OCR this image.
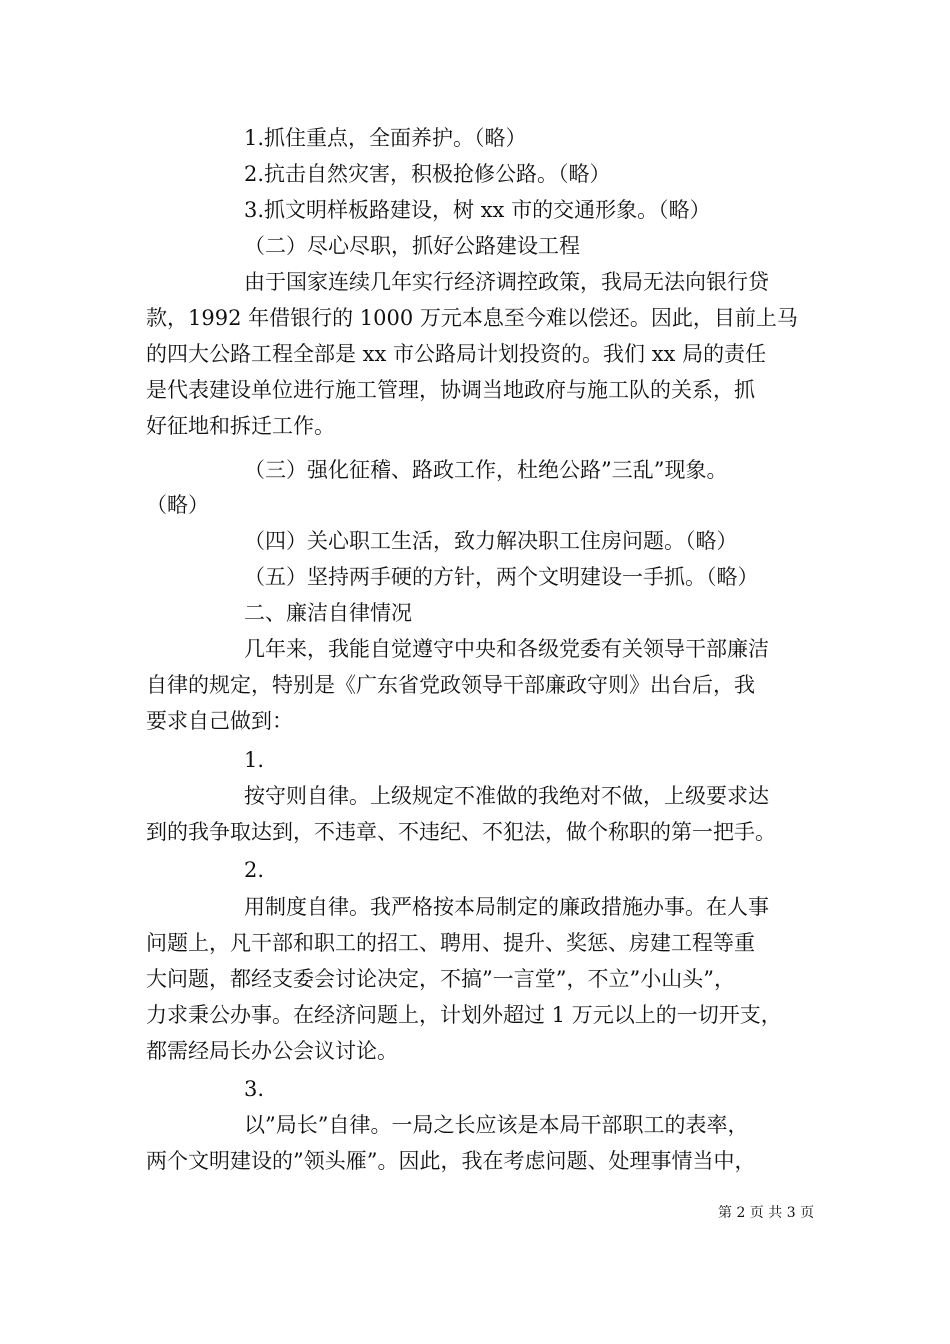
1.抓住重点，全面养护。（略）
2.抗击自然灾害，积极抢修公路。（略）
3.抓文明样板路建设，树 xx 市的交通形象。（略）
（二）尽心尽职，抓好公路建设工程
由于国家连续几年实行经济调控政策，我局无法向银行贷
款，1992 年借银行的 1000 万元本息至今难以偿还。因此，目前上马
的四大公路工程全部是 xx 市公路局计划投资的。我们 xx 局的责任
是代表建设单位进行施工管理，协调当地政府与施工队的关系，抓
好征地和拆迁工作。
（三）强化征稽、路政工作，杜绝公路”三乱”现象。
（略）
（四）关心职工生活，致力解决职工住房问题。（略）
（五）坚持两手硬的方针，两个文明建设一手抓。（略）
二、廉洁自律情况
几年来，我能自觉遵守中央和各级党委有关领导干部廉洁
自律的规定，特别是《广东省党政领导干部廉政守则》出台后，我
要求自己做到：
1.
按守则自律。上级规定不准做的我绝对不做，上级要求达
到的我争取达到，不违章、不违纪、不犯法，做个称职的第一把手。
2.
用制度自律。我严格按本局制定的廉政措施办事。在人事
问题上，凡干部和职工的招工、聘用、提升、奖惩、房建工程等重
大问题，都经支委会讨论决定，不搞”一言堂”，不立”小山头”，
力求秉公办事。在经济问题上，计划外超过 1 万元以上的一切开支，
都需经局长办公会议讨论。
3.
以”局长”自律。一局之长应该是本局干部职工的表率，
两个文明建设的”领头雁”。因此，我在考虑问题、处理事情当中，
第 2 页 共 3 页
